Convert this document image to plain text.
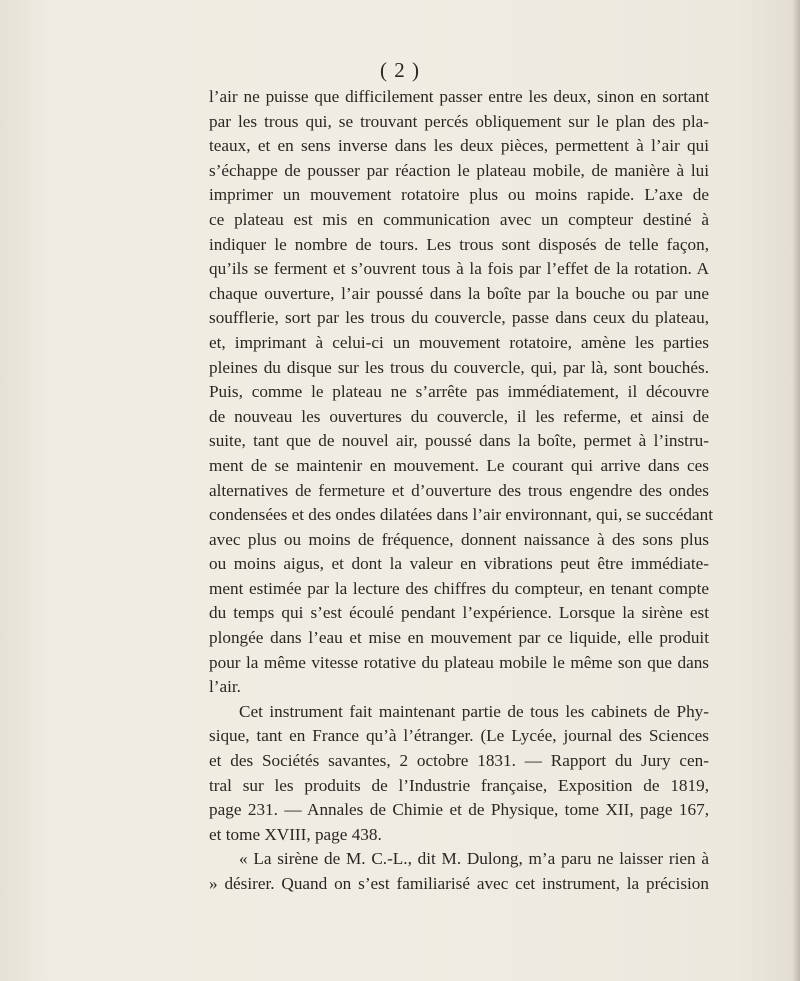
( 2 )
l’air ne puisse que difficilement passer entre les deux, sinon en sortant
par les trous qui, se trouvant percés obliquement sur le plan des pla-
teaux, et en sens inverse dans les deux pièces, permettent à l’air qui
s’échappe de pousser par réaction le plateau mobile, de manière à lui
imprimer un mouvement rotatoire plus ou moins rapide. L’axe de
ce plateau est mis en communication avec un compteur destiné à
indiquer le nombre de tours. Les trous sont disposés de telle façon,
qu’ils se ferment et s’ouvrent tous à la fois par l’effet de la rotation. A
chaque ouverture, l’air poussé dans la boîte par la bouche ou par une
soufflerie, sort par les trous du couvercle, passe dans ceux du plateau,
et, imprimant à celui-ci un mouvement rotatoire, amène les parties
pleines du disque sur les trous du couvercle, qui, par là, sont bouchés.
Puis, comme le plateau ne s’arrête pas immédiatement, il découvre
de nouveau les ouvertures du couvercle, il les referme, et ainsi de
suite, tant que de nouvel air, poussé dans la boîte, permet à l’instru-
ment de se maintenir en mouvement. Le courant qui arrive dans ces
alternatives de fermeture et d’ouverture des trous engendre des ondes
condensées et des ondes dilatées dans l’air environnant, qui, se succédant
avec plus ou moins de fréquence, donnent naissance à des sons plus
ou moins aigus, et dont la valeur en vibrations peut être immédiate-
ment estimée par la lecture des chiffres du compteur, en tenant compte
du temps qui s’est écoulé pendant l’expérience. Lorsque la sirène est
plongée dans l’eau et mise en mouvement par ce liquide, elle produit
pour la même vitesse rotative du plateau mobile le même son que dans
l’air.
Cet instrument fait maintenant partie de tous les cabinets de Phy-
sique, tant en France qu’à l’étranger. (Le Lycée, journal des Sciences
et des Sociétés savantes, 2 octobre 1831. — Rapport du Jury cen-
tral sur les produits de l’Industrie française, Exposition de 1819,
page 231. — Annales de Chimie et de Physique, tome XII, page 167,
et tome XVIII, page 438.
« La sirène de M. C.-L., dit M. Dulong, m’a paru ne laisser rien à
» désirer. Quand on s’est familiarisé avec cet instrument, la précision
